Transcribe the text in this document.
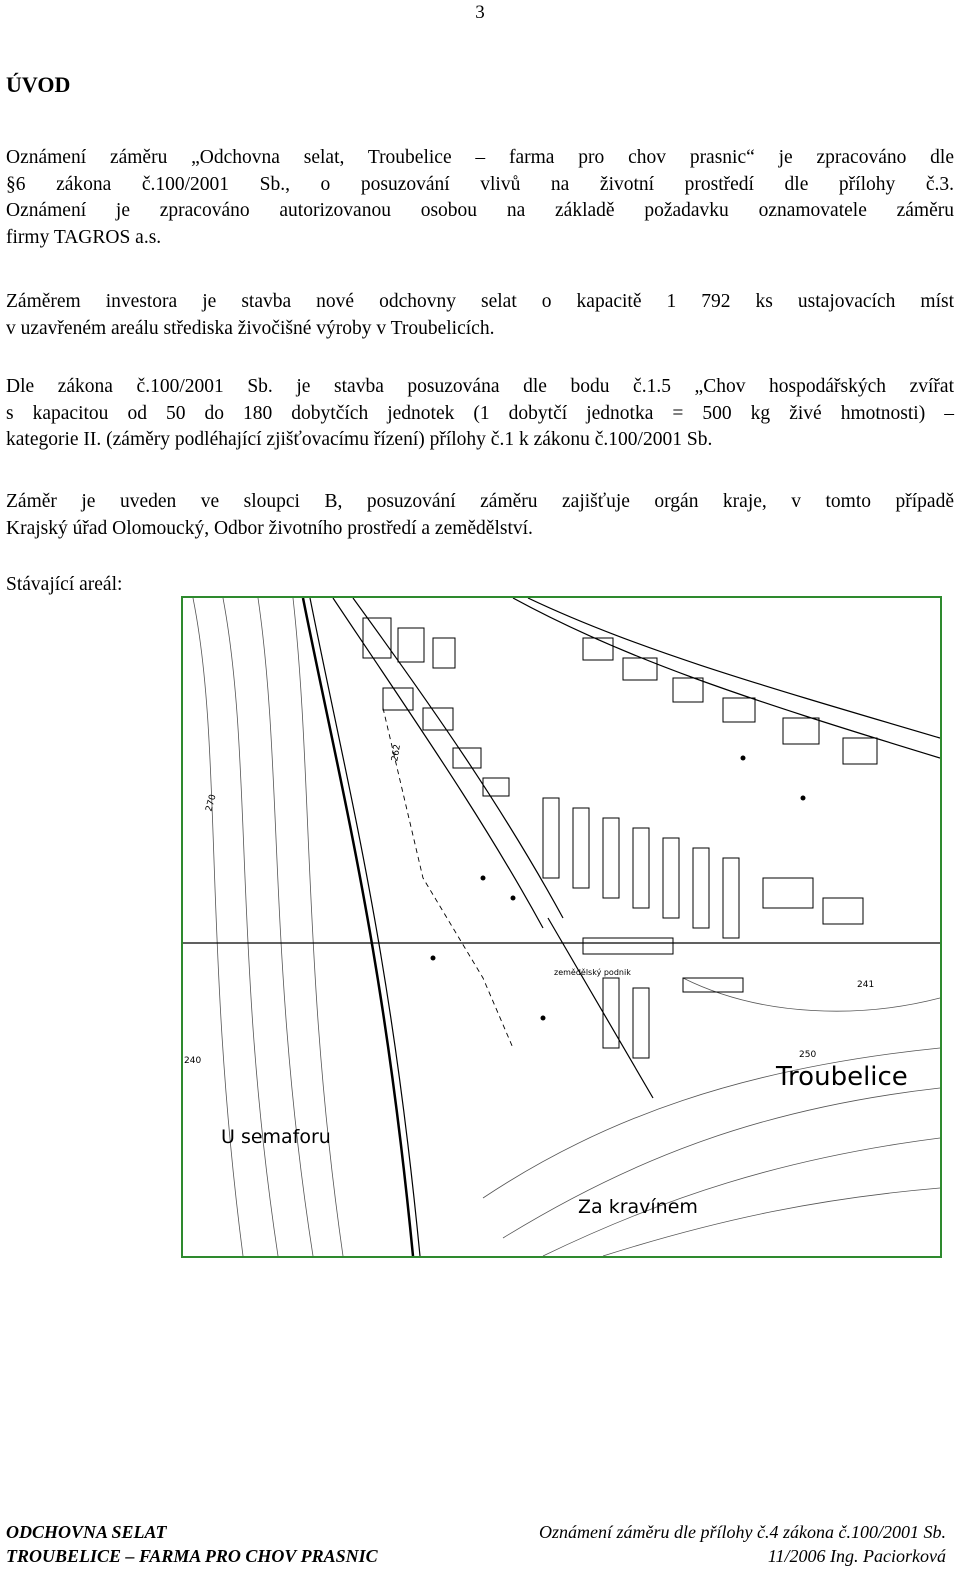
3
ÚVOD

Oznámení záměru „Odchovna selat, Troubelice – farma pro chov prasnic“ je zpracováno dle
§6 zákona č.100/2001 Sb., o posuzování vlivů na životní prostředí dle přílohy č.3.
Oznámení je zpracováno autorizovanou osobou na základě požadavku oznamovatele záměru
firmy TAGROS a.s.

Záměrem investora je stavba nové odchovny selat o kapacitě 1 792 ks ustajovacích míst
v uzavřeném areálu střediska živočišné výroby v Troubelicích.

Dle zákona č.100/2001 Sb. je stavba posuzována dle bodu č.1.5 „Chov hospodářských zvířat
s kapacitou od 50 do 180 dobytčích jednotek (1 dobytčí jednotka = 500 kg živé hmotnosti) –
kategorie II. (záměry podléhající zjišťovacímu řízení) přílohy č.1 k zákonu č.100/2001 Sb.

Záměr je uveden ve sloupci B, posuzování záměru zajišťuje orgán kraje, v tomto případě
Krajský úřad Olomoucký, Odbor životního prostředí a zemědělství.

Stávající areál:
Troubelice
U semaforu
Za kravínem
zemědělský podnik
241
250
270
240
262
ODCHOVNA SELAT
TROUBELICE – FARMA PRO CHOV PRASNIC
Oznámení záměru dle přílohy č.4 zákona č.100/2001 Sb.
11/2006 Ing. Paciorková
